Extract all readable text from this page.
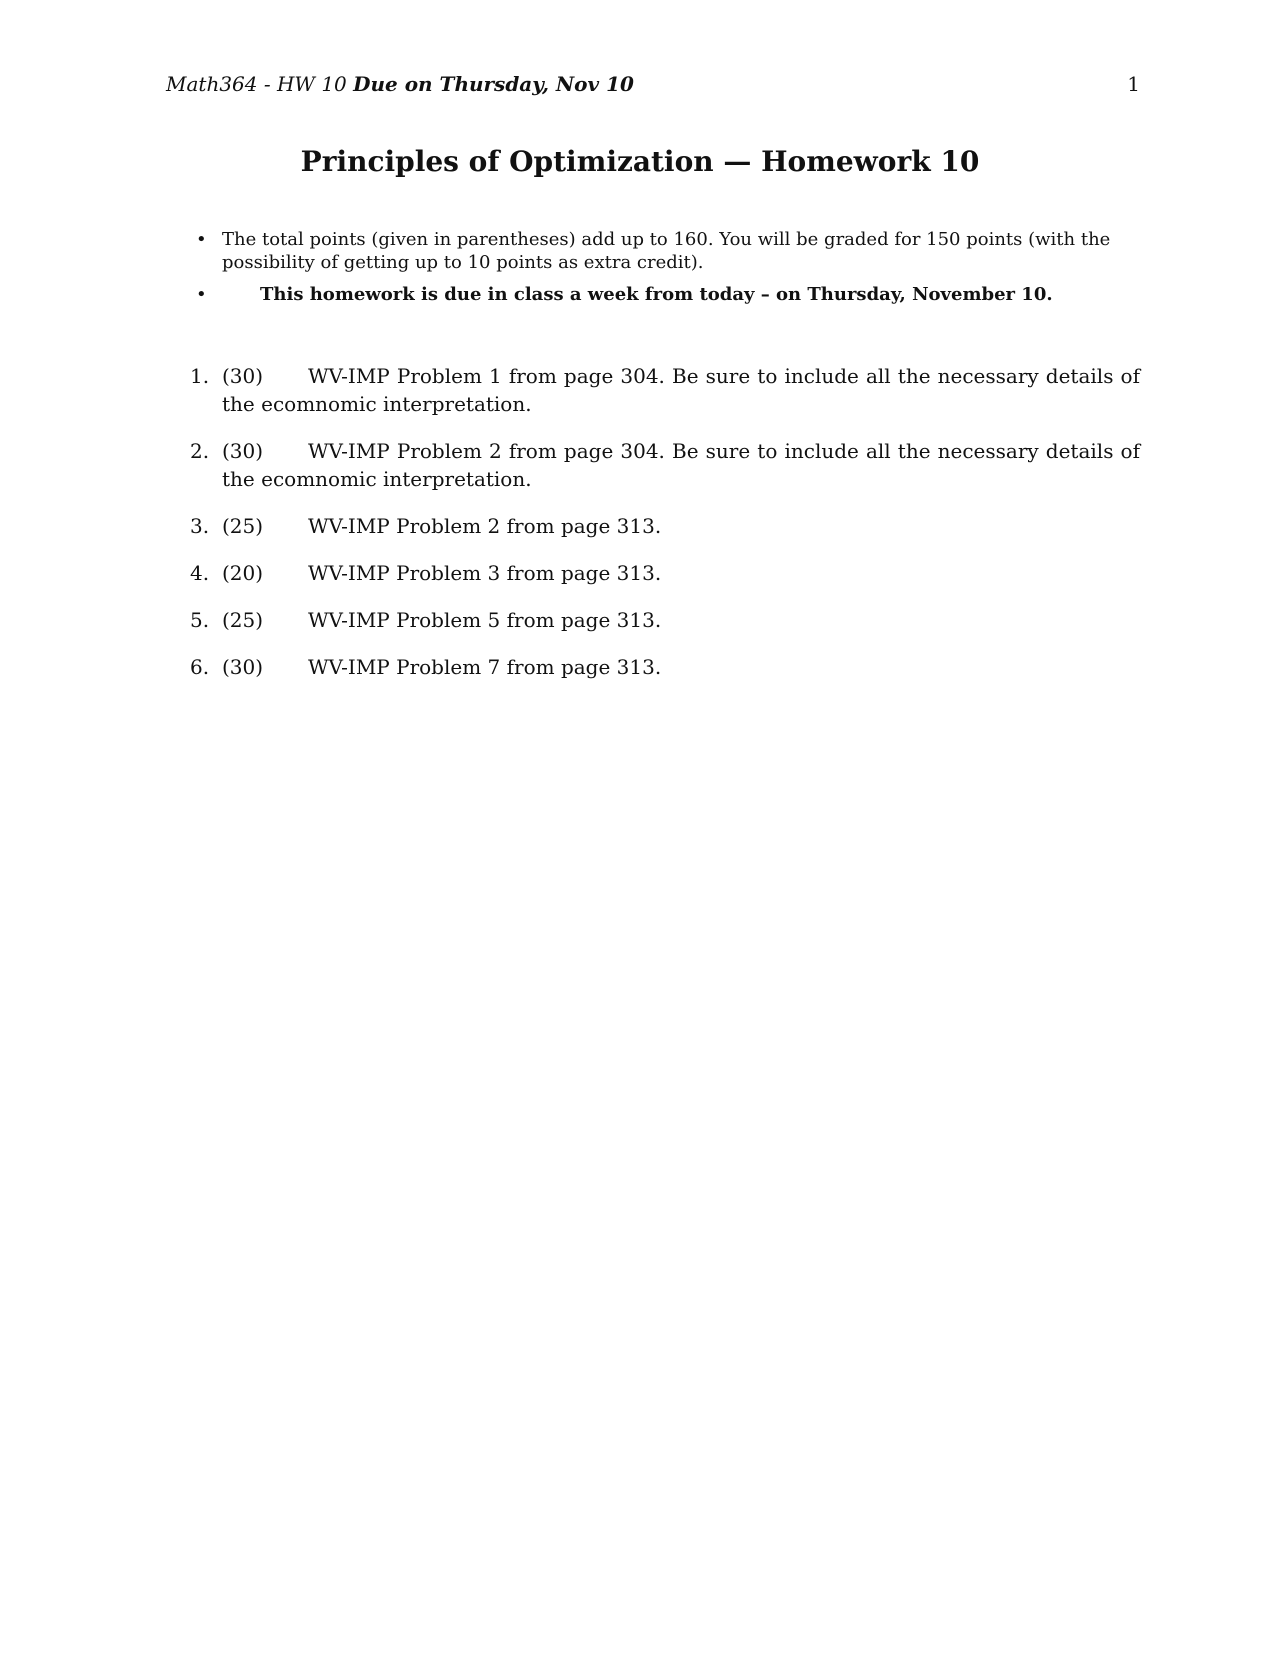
Math364 - HW 10 Due on Thursday, Nov 10	1
Principles of Optimization — Homework 10
• The total points (given in parentheses) add up to 160. You will be graded for 150 points (with the possibility of getting up to 10 points as extra credit).
•	This homework is due in class a week from today – on Thursday, November 10.
1. (30) WV-IMP Problem 1 from page 304. Be sure to include all the necessary details of the ecomnomic interpretation.
2. (30) WV-IMP Problem 2 from page 304. Be sure to include all the necessary details of the ecomnomic interpretation.
3. (25) WV-IMP Problem 2 from page 313.
4. (20) WV-IMP Problem 3 from page 313.
5. (25) WV-IMP Problem 5 from page 313.
6. (30) WV-IMP Problem 7 from page 313.
